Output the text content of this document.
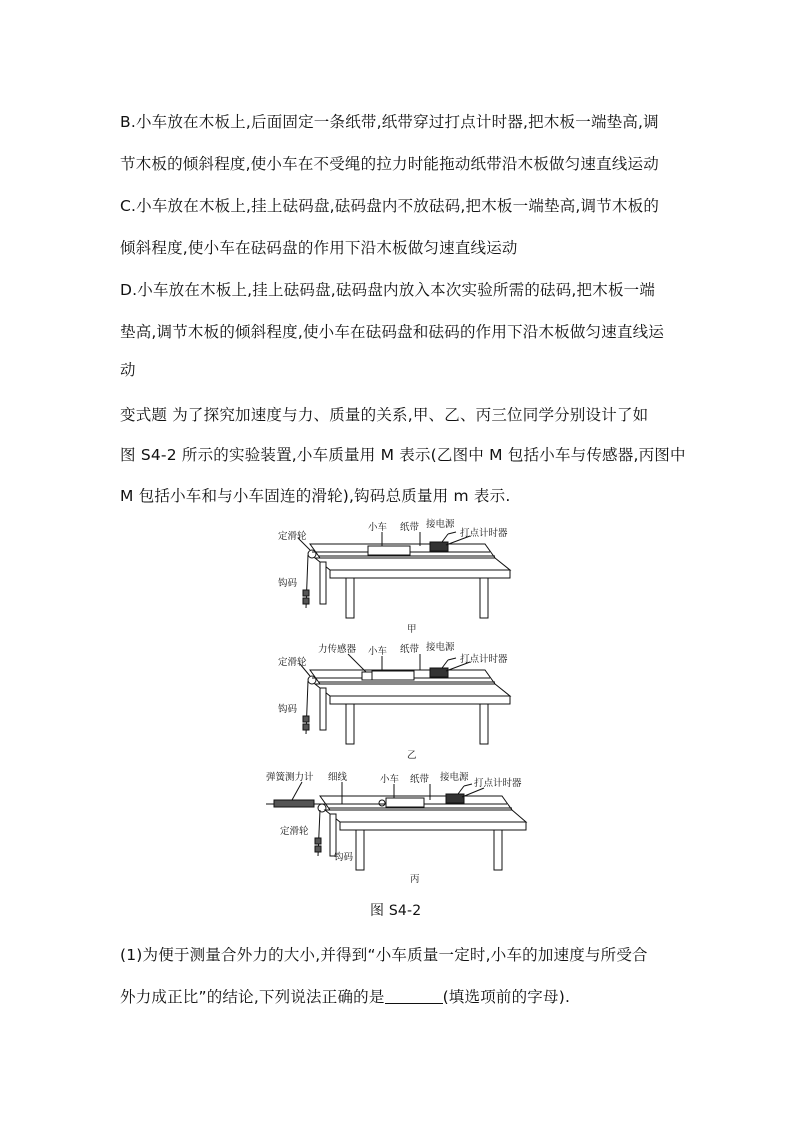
B.小车放在木板上,后面固定一条纸带,纸带穿过打点计时器,把木板一端垫高,调
节木板的倾斜程度,使小车在不受绳的拉力时能拖动纸带沿木板做匀速直线运动
C.小车放在木板上,挂上砝码盘,砝码盘内不放砝码,把木板一端垫高,调节木板的
倾斜程度,使小车在砝码盘的作用下沿木板做匀速直线运动
D.小车放在木板上,挂上砝码盘,砝码盘内放入本次实验所需的砝码,把木板一端
垫高,调节木板的倾斜程度,使小车在砝码盘和砝码的作用下沿木板做匀速直线运
动
变式题 为了探究加速度与力、质量的关系,甲、乙、丙三位同学分别设计了如
图 S4-2 所示的实验装置,小车质量用 M 表示(乙图中 M 包括小车与传感器,丙图中
M 包括小车和与小车固连的滑轮),钩码总质量用 m 表示.
定滑轮
小车 纸带 接电源
打点计时器
钩码
甲
定滑轮
力传感器 小车 纸带 接电源
打点计时器
钩码
乙
弹簧测力计 细线	小车 纸带 接电源
打点计时器
定滑轮
钩码
丙
图 S4-2
(1)为便于测量合外力的大小,并得到“小车质量一定时,小车的加速度与所受合
外力成正比”的结论,下列说法正确的是	(填选项前的字母).
